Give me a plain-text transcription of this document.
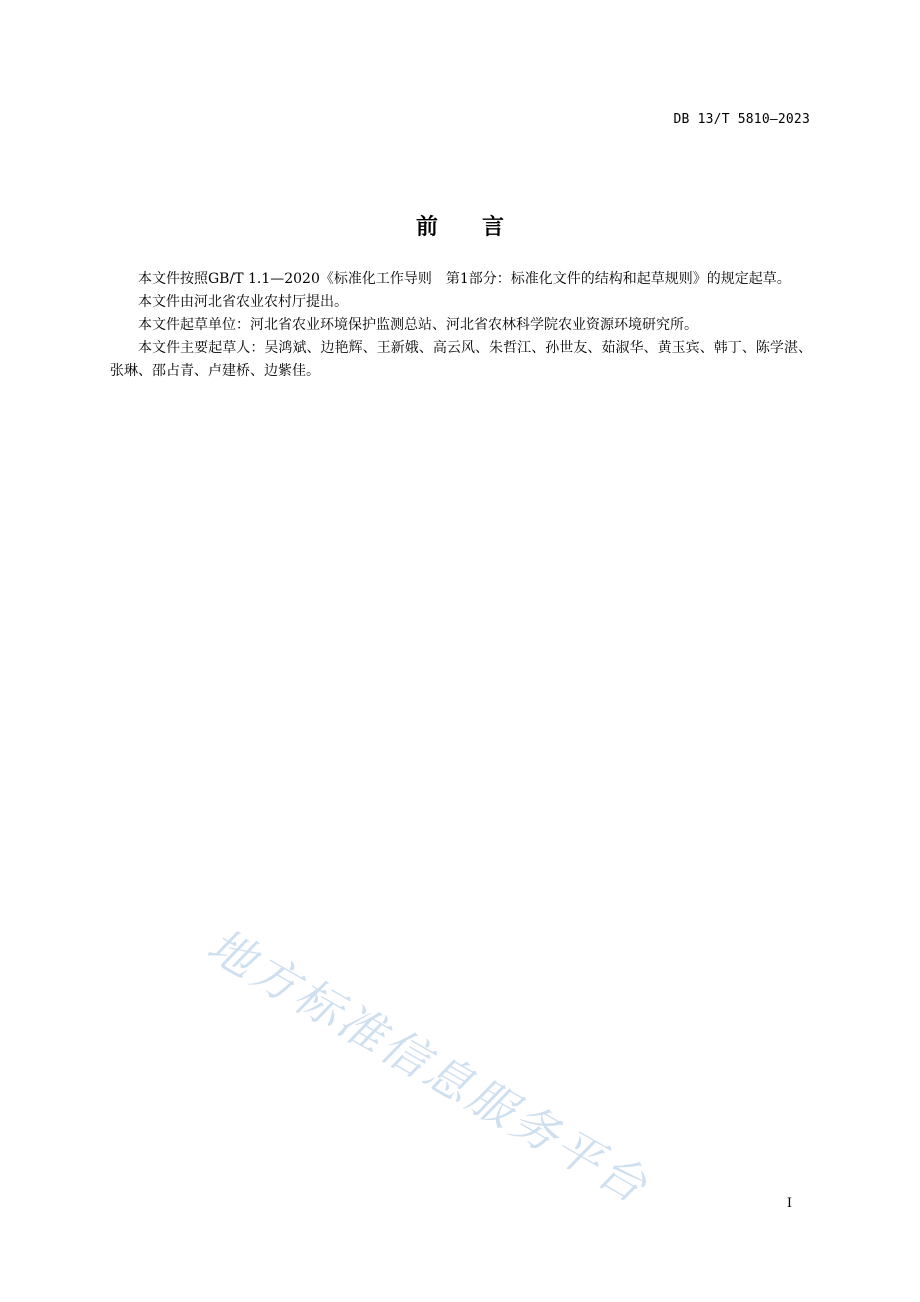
DB 13/T 5810—2023
前言

本文件按照GB/T 1.1—2020《标准化工作导则　第1部分：标准化文件的结构和起草规则》的规定起草。

本文件由河北省农业农村厅提出。

本文件起草单位：河北省农业环境保护监测总站、河北省农林科学院农业资源环境研究所。

本文件主要起草人：吴鸿斌、边艳辉、王新娥、高云风、朱哲江、孙世友、茹淑华、黄玉宾、韩丁、陈学湛、张琳、邵占青、卢建桥、边紫佳。

地方标准信息服务平台	I
